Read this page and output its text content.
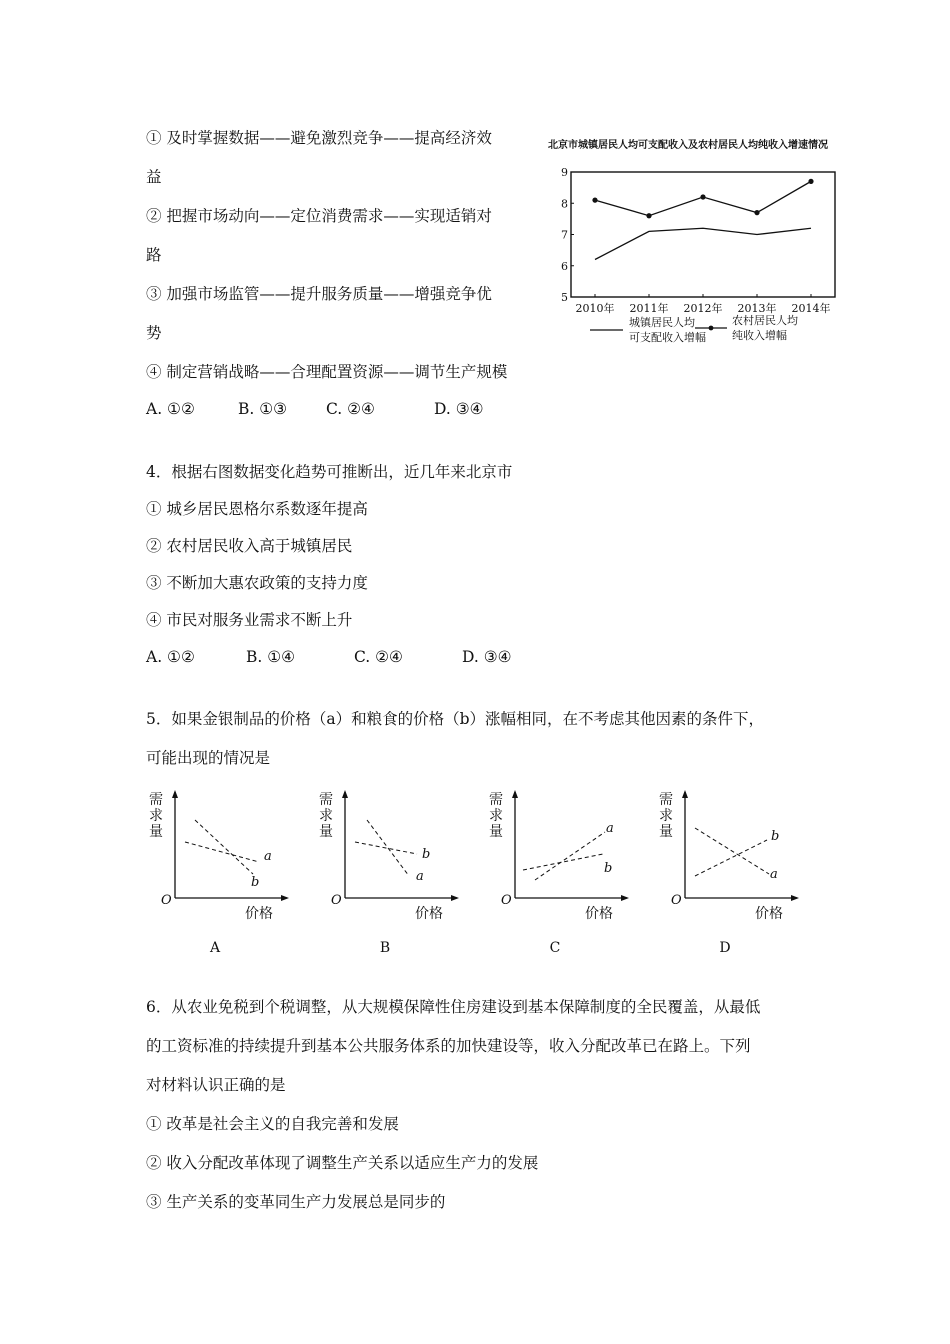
① 及时掌握数据——避免激烈竞争——提高经济效
益
② 把握市场动向——定位消费需求——实现适销对
路
③ 加强市场监管——提升服务质量——增强竞争优
势
④ 制定营销战略——合理配置资源——调节生产规模
A. ①②	B. ①③	C. ②④	D. ③④
北京市城镇居民人均可支配收入及农村居民人均纯收入增速情况
5
6
7
8
9
2010年 2011年 2012年 2013年 2014年
城镇居民人均
可支配收入增幅
农村居民人均
纯收入增幅
4．根据右图数据变化趋势可推断出，近几年来北京市
① 城乡居民恩格尔系数逐年提高
② 农村居民收入高于城镇居民
③ 不断加大惠农政策的支持力度
④ 市民对服务业需求不断上升
A. ①②	B. ①④	C. ②④	D. ③④
5．如果金银制品的价格（a）和粮食的价格（b）涨幅相同，在不考虑其他因素的条件下，
可能出现的情况是
需
求
量
O
价格
a
b
A
需
求
量
O
价格
b
a
B
需
求
量
O
价格
a
b
C
需
求
量
O
价格
b
a
D
6．从农业免税到个税调整，从大规模保障性住房建设到基本保障制度的全民覆盖，从最低
的工资标准的持续提升到基本公共服务体系的加快建设等，收入分配改革已在路上。下列
对材料认识正确的是
① 改革是社会主义的自我完善和发展
② 收入分配改革体现了调整生产关系以适应生产力的发展
③ 生产关系的变革同生产力发展总是同步的
